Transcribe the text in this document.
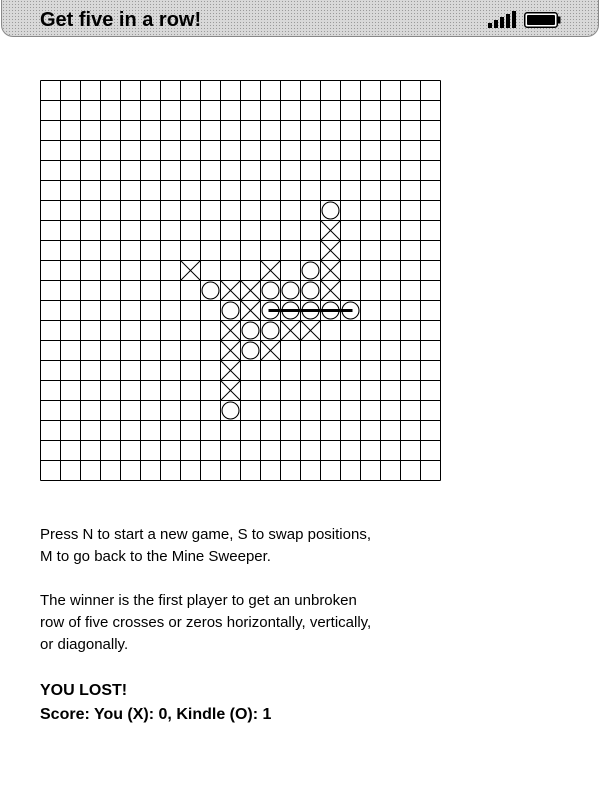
Get five in a row!

Press N to start a new game, S to swap positions,

M to go back to the Mine Sweeper.

The winner is the first player to get an unbroken

row of five crosses or zeros horizontally, vertically,

or diagonally.

YOU LOST!

Score: You (X): 0, Kindle (O): 1
